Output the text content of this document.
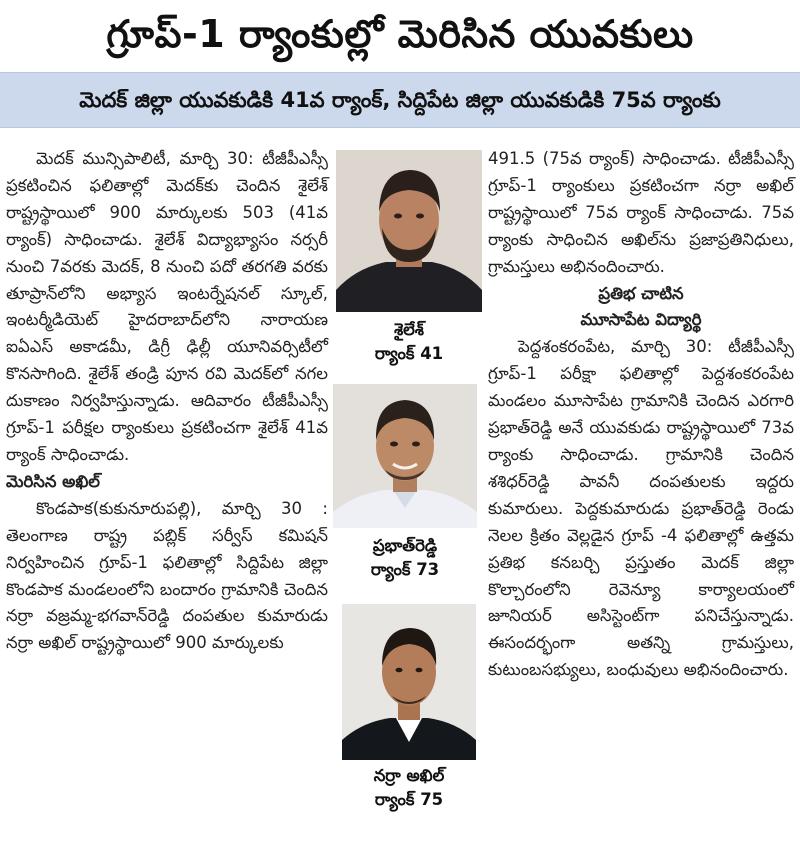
గ్రూప్-1 ర్యాంకుల్లో మెరిసిన యువకులు
మెదక్ జిల్లా యువకుడికి 41వ ర్యాంక్, సిద్దిపేట జిల్లా యువకుడికి 75వ ర్యాంకు

మెదక్ మున్సిపాలిటీ, మార్చి 30: టీజీపీఎస్సీ ప్రకటించిన ఫలితాల్లో మెదక్‌కు చెందిన శైలేశ్ రాష్ట్రస్థాయిలో 900 మార్కులకు 503 (41వ ర్యాంక్) సాధించాడు. శైలేశ్ విద్యాభ్యాసం నర్సరీ నుంచి 7వరకు మెదక్, 8 నుంచి పదో తరగతి వరకు తూప్రాన్‌లోని అభ్యాస ఇంటర్నేషనల్ స్కూల్, ఇంటర్మీడియెట్ హైదరాబాద్‌లోని నారాయణ ఐఏఎస్ అకాడమీ, డిగ్రీ ఢిల్లీ యూనివర్సిటీలో కొనసాగింది. శైలేశ్ తండ్రి పూన రవి మెదక్‌లో నగల దుకాణం నిర్వహిస్తున్నాడు. ఆదివారం టీజీపీఎస్సీ గ్రూప్-1 పరీక్షల ర్యాంకులు ప్రకటించగా శైలేశ్ 41వ ర్యాంక్ సాధించాడు.

మెరిసిన అఖిల్

కొండపాక(కుకునూరుపల్లి), మార్చి 30 : తెలంగాణ రాష్ట్ర పబ్లిక్ సర్వీస్ కమిషన్ నిర్వహించిన గ్రూప్-1 ఫలితాల్లో సిద్దిపేట జిల్లా కొండపాక మండలంలోని బందారం గ్రామానికి చెందిన నర్రా వజ్రమ్మ-భగవాన్‌రెడ్డి దంపతుల కుమారుడు నర్రా అఖిల్ రాష్ట్రస్థాయిలో 900 మార్కులకు

491.5 (75వ ర్యాంక్) సాధించాడు. టీజీపీఎస్సీ గ్రూప్-1 ర్యాంకులు ప్రకటించగా నర్రా అఖిల్ రాష్ట్రస్థాయిలో 75వ ర్యాంక్ సాధించాడు. 75వ ర్యాంకు సాధించిన అఖిల్‌ను ప్రజాప్రతినిధులు, గ్రామస్తులు అభినందించారు.

ప్రతిభ చాటిన
మూసాపేట విద్యార్థి

పెద్దశంకరంపేట, మార్చి 30: టీజీపీఎస్సీ గ్రూప్-1 పరీక్షా ఫలితాల్లో పెద్దశంకరంపేట మండలం మూసాపేట గ్రామానికి చెందిన ఎరగారి ప్రభాత్‌రెడ్డి అనే యువకుడు రాష్ట్రస్థాయిలో 73వ ర్యాంకు సాధించాడు. గ్రామానికి చెందిన శశిధర్‌రెడ్డి పావనీ దంపతులకు ఇద్దరు కుమారులు. పెద్దకుమారుడు ప్రభాత్‌రెడ్డి రెండు నెలల క్రితం వెల్లడైన గ్రూప్ -4 ఫలితాల్లో ఉత్తమ ప్రతిభ కనబర్చి ప్రస్తుతం మెదక్ జిల్లా కొల్చారంలోని రెవెన్యూ కార్యాలయంలో జూనియర్ అసిస్టెంట్‌గా పనిచేస్తున్నాడు. ఈసందర్భంగా అతన్ని గ్రామస్తులు, కుటుంబసభ్యులు, బంధువులు అభినందించారు.

శైలేశ్
ర్యాంక్ 41
ప్రభాత్‌రెడ్డి
ర్యాంక్ 73
నర్రా అఖిల్
ర్యాంక్ 75
